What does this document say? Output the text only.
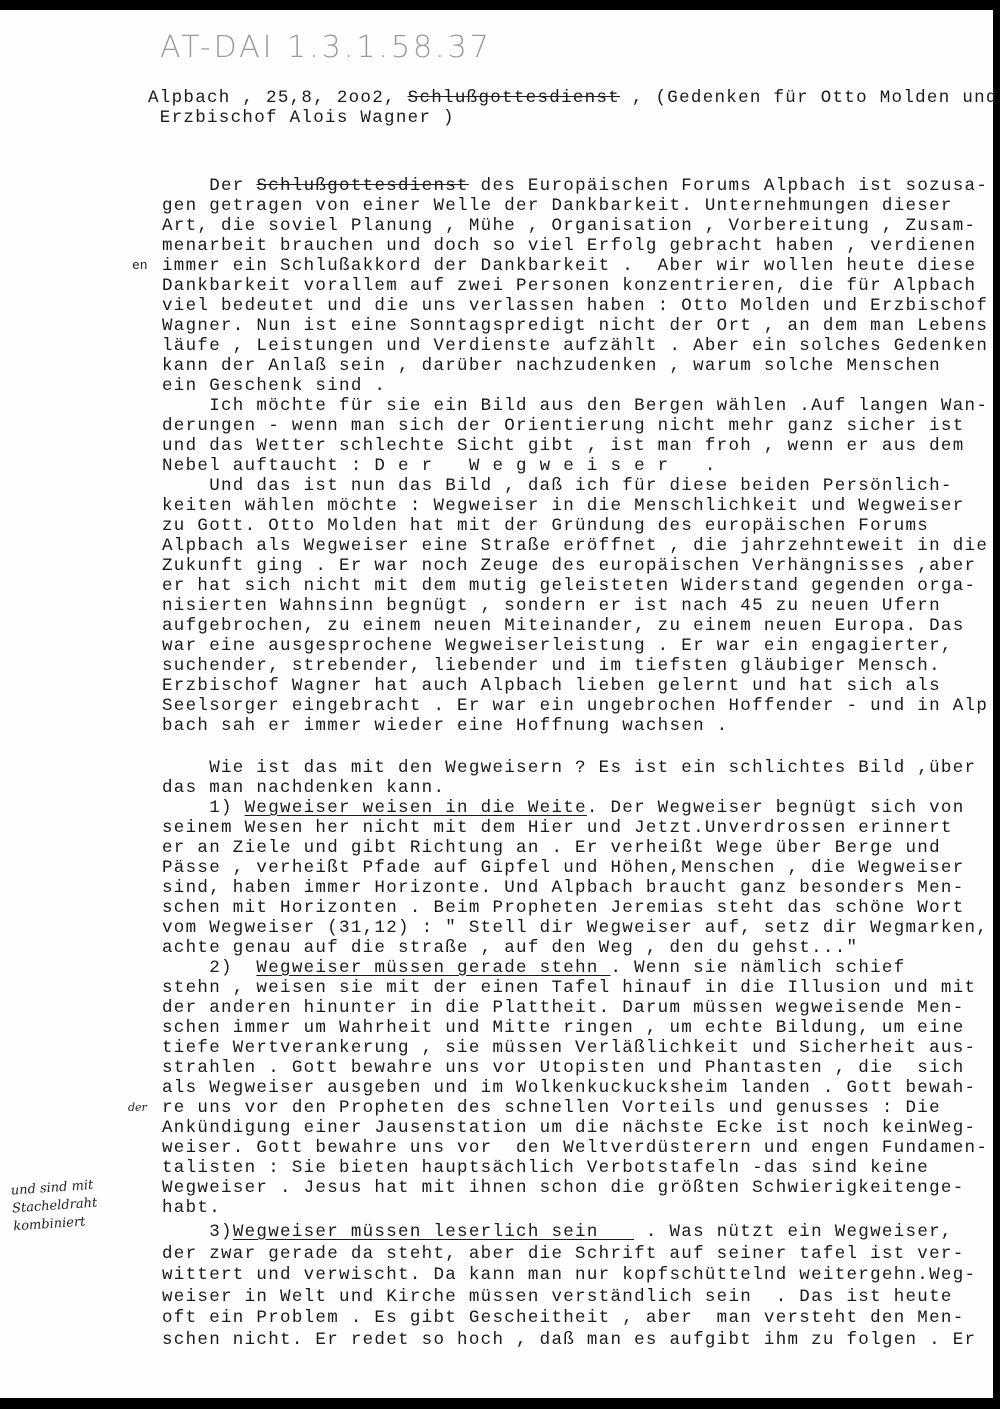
AT-DAI 1.3.1.58.37
Alpbach , 25,8, 2oo2, Schlußgottesdienst , (Gedenken für Otto Molden und
Erzbischof Alois Wagner )
Der Schlußgottesdienst des Europäischen Forums Alpbach ist sozusa-
gen getragen von einer Welle der Dankbarkeit. Unternehmungen dieser
Art, die soviel Planung , Mühe , Organisation , Vorbereitung , Zusam-
menarbeit brauchen und doch so viel Erfolg gebracht haben , verdienen
immer ein Schlußakkord der Dankbarkeit .  Aber wir wollen heute diese
Dankbarkeit vorallem auf zwei Personen konzentrieren, die für Alpbach
viel bedeutet und die uns verlassen haben : Otto Molden und Erzbischof
Wagner. Nun ist eine Sonntagspredigt nicht der Ort , an dem man Lebens
läufe , Leistungen und Verdienste aufzählt . Aber ein solches Gedenken
kann der Anlaß sein , darüber nachzudenken , warum solche Menschen
ein Geschenk sind .
Ich möchte für sie ein Bild aus den Bergen wählen .Auf langen Wan-
derungen - wenn man sich der Orientierung nicht mehr ganz sicher ist
und das Wetter schlechte Sicht gibt , ist man froh , wenn er aus dem
Nebel auftaucht : D e r   W e g w e i s e r   .
Und das ist nun das Bild , daß ich für diese beiden Persönlich-
keiten wählen möchte : Wegweiser in die Menschlichkeit und Wegweiser
zu Gott. Otto Molden hat mit der Gründung des europäischen Forums
Alpbach als Wegweiser eine Straße eröffnet , die jahrzehnteweit in die
Zukunft ging . Er war noch Zeuge des europäischen Verhängnisses ,aber
er hat sich nicht mit dem mutig geleisteten Widerstand gegenden orga-
nisierten Wahnsinn begnügt , sondern er ist nach 45 zu neuen Ufern
aufgebrochen, zu einem neuen Miteinander, zu einem neuen Europa. Das
war eine ausgesprochene Wegweiserleistung . Er war ein engagierter,
suchender, strebender, liebender und im tiefsten gläubiger Mensch.
Erzbischof Wagner hat auch Alpbach lieben gelernt und hat sich als
Seelsorger eingebracht . Er war ein ungebrochen Hoffender - und in Alp
bach sah er immer wieder eine Hoffnung wachsen .
Wie ist das mit den Wegweisern ? Es ist ein schlichtes Bild ,über
das man nachdenken kann.
1) Wegweiser weisen in die Weite. Der Wegweiser begnügt sich von
seinem Wesen her nicht mit dem Hier und Jetzt.Unverdrossen erinnert
er an Ziele und gibt Richtung an . Er verheißt Wege über Berge und
Pässe , verheißt Pfade auf Gipfel und Höhen,Menschen , die Wegweiser
sind, haben immer Horizonte. Und Alpbach braucht ganz besonders Men-
schen mit Horizonten . Beim Propheten Jeremias steht das schöne Wort
vom Wegweiser (31,12) : " Stell dir Wegweiser auf, setz dir Wegmarken,
achte genau auf die straße , auf den Weg , den du gehst..."
2)  Wegweiser müssen gerade stehn . Wenn sie nämlich schief
stehn , weisen sie mit der einen Tafel hinauf in die Illusion und mit
der anderen hinunter in die Plattheit. Darum müssen wegweisende Men-
schen immer um Wahrheit und Mitte ringen , um echte Bildung, um eine
tiefe Wertverankerung , sie müssen Verläßlichkeit und Sicherheit aus-
strahlen . Gott bewahre uns vor Utopisten und Phantasten , die  sich
als Wegweiser ausgeben und im Wolkenkuckucksheim landen . Gott bewah-
re uns vor den Propheten des schnellen Vorteils und genusses : Die
Ankündigung einer Jausenstation um die nächste Ecke ist noch keinWeg-
weiser. Gott bewahre uns vor  den Weltverdüsterern und engen Fundamen-
talisten : Sie bieten hauptsächlich Verbotstafeln -das sind keine
Wegweiser . Jesus hat mit ihnen schon die größten Schwierigkeitenge-
habt.
3)Wegweiser müssen leserlich sein    . Was nützt ein Wegweiser,
der zwar gerade da steht, aber die Schrift auf seiner tafel ist ver-
wittert und verwischt. Da kann man nur kopfschüttelnd weitergehn.Weg-
weiser in Welt und Kirche müssen verständlich sein  . Das ist heute
oft ein Problem . Es gibt Gescheitheit , aber  man versteht den Men-
schen nicht. Er redet so hoch , daß man es aufgibt ihm zu folgen . Er
und sind mit Stacheldraht kombiniert
en
der
